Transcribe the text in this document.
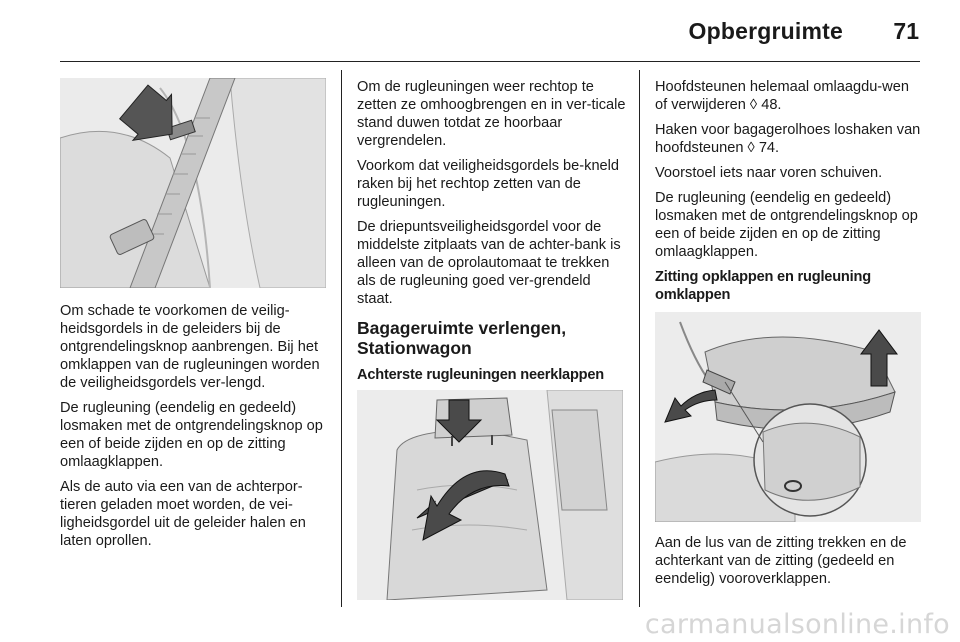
Opbergruimte 71

Om schade te voorkomen de veilig-heidsgordels in de geleiders bij de ontgrendelingsknop aanbrengen. Bij het omklappen van de rugleuningen worden de veiligheidsgordels ver-lengd.

De rugleuning (eendelig en gedeeld) losmaken met de ontgrendelingsknop op een of beide zijden en op de zitting omlaagklappen.

Als de auto via een van de achterpor-tieren geladen moet worden, de vei-ligheidsgordel uit de geleider halen en laten oprollen.

Om de rugleuningen weer rechtop te zetten ze omhoogbrengen en in ver-ticale stand duwen totdat ze hoorbaar vergrendelen.

Voorkom dat veiligheidsgordels be-kneld raken bij het rechtop zetten van de rugleuningen.

De driepuntsveiligheidsgordel voor de middelste zitplaats van de achter-bank is alleen van de oprolautomaat te trekken als de rugleuning goed ver-grendeld staat.

Bagageruimte verlengen, Stationwagon
Achterste rugleuningen neerklappen

Hoofdsteunen helemaal omlaagdu-wen of verwijderen ◊ 48.

Haken voor bagagerolhoes loshaken van hoofdsteunen ◊ 74.

Voorstoel iets naar voren schuiven.

De rugleuning (eendelig en gedeeld) losmaken met de ontgrendelingsknop op een of beide zijden en op de zitting omlaagklappen.

Zitting opklappen en rugleuning omklappen

Aan de lus van de zitting trekken en de achterkant van de zitting (gedeeld en eendelig) vooroverklappen.

carmanualsonline.info
